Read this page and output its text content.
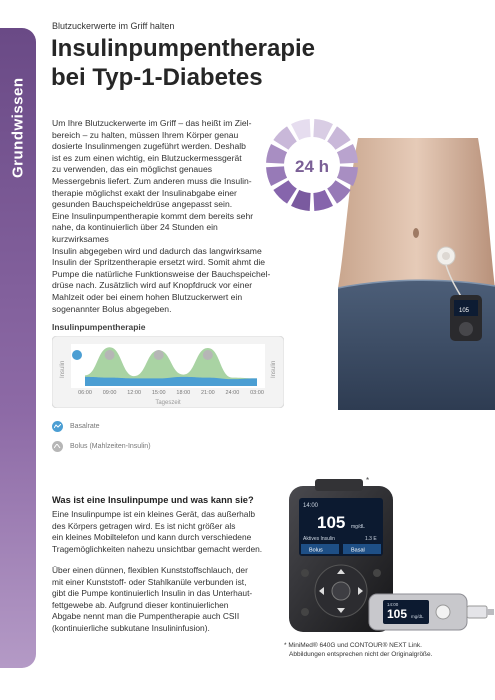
Grundwissen
Blutzuckerwerte im Griff halten
Insulinpumpentherapie
bei Typ-1-Diabetes
Um Ihre Blutzuckerwerte im Griff – das heißt im Ziel-
bereich – zu halten, müssen Ihrem Körper genau
dosierte Insulinmengen zugeführt werden. Deshalb
ist es zum einen wichtig, ein Blutzuckermessgerät
zu verwenden, das ein möglichst genaues
Messergebnis liefert. Zum anderen muss die Insulin-
therapie möglichst exakt der Insulinabgabe einer
gesunden Bauchspeicheldrüse angepasst sein.
Eine Insulinpumpentherapie kommt dem bereits sehr
nahe, da kontinuierlich über 24 Stunden ein kurzwirksames
Insulin abgegeben wird und dadurch das langwirksame
Insulin der Spritzentherapie ersetzt wird. Somit ahmt die
Pumpe die natürliche Funktionsweise der Bauchspeichel-
drüse nach. Zusätzlich wird auf Knopfdruck vor einer
Mahlzeit oder bei einem hohen Blutzuckerwert ein
sogenannter Bolus abgegeben.	105
24 h
Insulinpumpentherapie
Insulin	Insulin
06:00 09:00 12:00 15:00 18:00 21:00 24:00 03:00
Tageszeit
Basalrate
Bolus (Mahlzeiten-Insulin)
Was ist eine Insulinpumpe und was kann sie?
Eine Insulinpumpe ist ein kleines Gerät, das außerhalb
des Körpers getragen wird. Es ist nicht größer als
ein kleines Mobiltelefon und kann durch verschiedene
Tragemöglichkeiten nahezu unsichtbar gemacht werden.
Über einen dünnen, flexiblen Kunststoffschlauch, der
mit einer Kunststoff- oder Stahlkanüle verbunden ist,
gibt die Pumpe kontinuierlich Insulin in das Unterhaut-
fettgewebe ab. Aufgrund dieser kontinuierlichen
Abgabe nennt man die Pumpentherapie auch CSII
(kontinuierliche subkutane Insulininfusion).
*
14:00
105 mg/dL
Aktives Insulin	1.3 E
Bolus	Basal
105 mg/dL
14:00
* MiniMed® 640G und CONTOUR® NEXT Link.
Abbildungen entsprechen nicht der Originalgröße.
